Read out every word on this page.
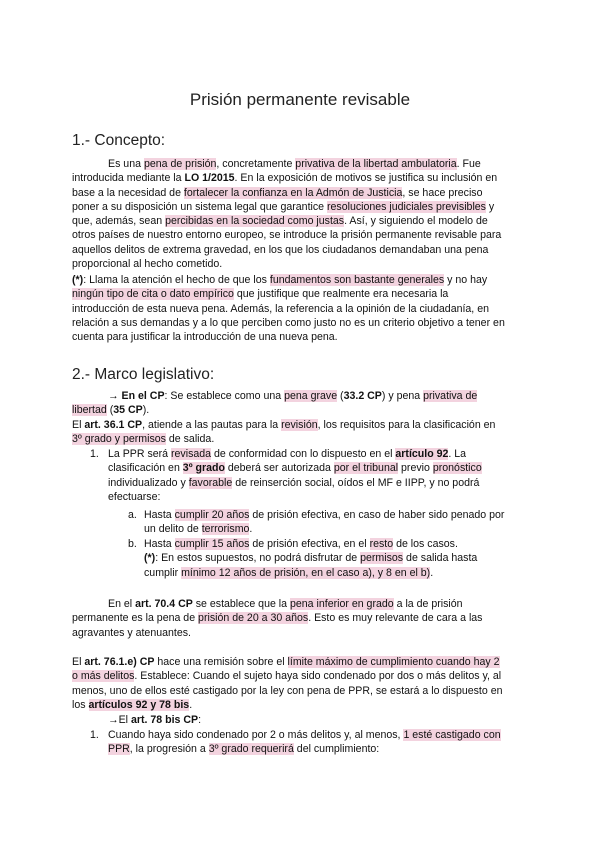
Prisión permanente revisable
1.- Concepto:
Es una pena de prisión, concretamente privativa de la libertad ambulatoria. Fue
introducida mediante la LO 1/2015. En la exposición de motivos se justifica su inclusión en
base a la necesidad de fortalecer la confianza en la Admón de Justicia, se hace preciso
poner a su disposición un sistema legal que garantice resoluciones judiciales previsibles y
que, además, sean percibidas en la sociedad como justas. Así, y siguiendo el modelo de
otros países de nuestro entorno europeo, se introduce la prisión permanente revisable para
aquellos delitos de extrema gravedad, en los que los ciudadanos demandaban una pena
proporcional al hecho cometido.
(*): Llama la atención el hecho de que los fundamentos son bastante generales y no hay
ningún tipo de cita o dato empírico que justifique que realmente era necesaria la
introducción de esta nueva pena. Además, la referencia a la opinión de la ciudadanía, en
relación a sus demandas y a lo que perciben como justo no es un criterio objetivo a tener en
cuenta para justificar la introducción de una nueva pena.
2.- Marco legislativo:
→ En el CP: Se establece como una pena grave (33.2 CP) y pena privativa de
libertad (35 CP).
El art. 36.1 CP, atiende a las pautas para la revisión, los requisitos para la clasificación en
3º grado y permisos de salida.
1. La PPR será revisada de conformidad con lo dispuesto en el artículo 92. La
clasificación en 3º grado deberá ser autorizada por el tribunal previo pronóstico
individualizado y favorable de reinserción social, oídos el MF e IIPP, y no podrá
efectuarse:
a. Hasta cumplir 20 años de prisión efectiva, en caso de haber sido penado por
un delito de terrorismo.
b. Hasta cumplir 15 años de prisión efectiva, en el resto de los casos.
(*): En estos supuestos, no podrá disfrutar de permisos de salida hasta
cumplir mínimo 12 años de prisión, en el caso a), y 8 en el b).
En el art. 70.4 CP se establece que la pena inferior en grado a la de prisión
permanente es la pena de prisión de 20 a 30 años. Esto es muy relevante de cara a las
agravantes y atenuantes.
El art. 76.1.e) CP hace una remisión sobre el límite máximo de cumplimiento cuando hay 2
o más delitos. Establece: Cuando el sujeto haya sido condenado por dos o más delitos y, al
menos, uno de ellos esté castigado por la ley con pena de PPR, se estará a lo dispuesto en
los artículos 92 y 78 bis.
→El art. 78 bis CP:
1. Cuando haya sido condenado por 2 o más delitos y, al menos, 1 esté castigado con
PPR, la progresión a 3º grado requerirá del cumplimiento:
